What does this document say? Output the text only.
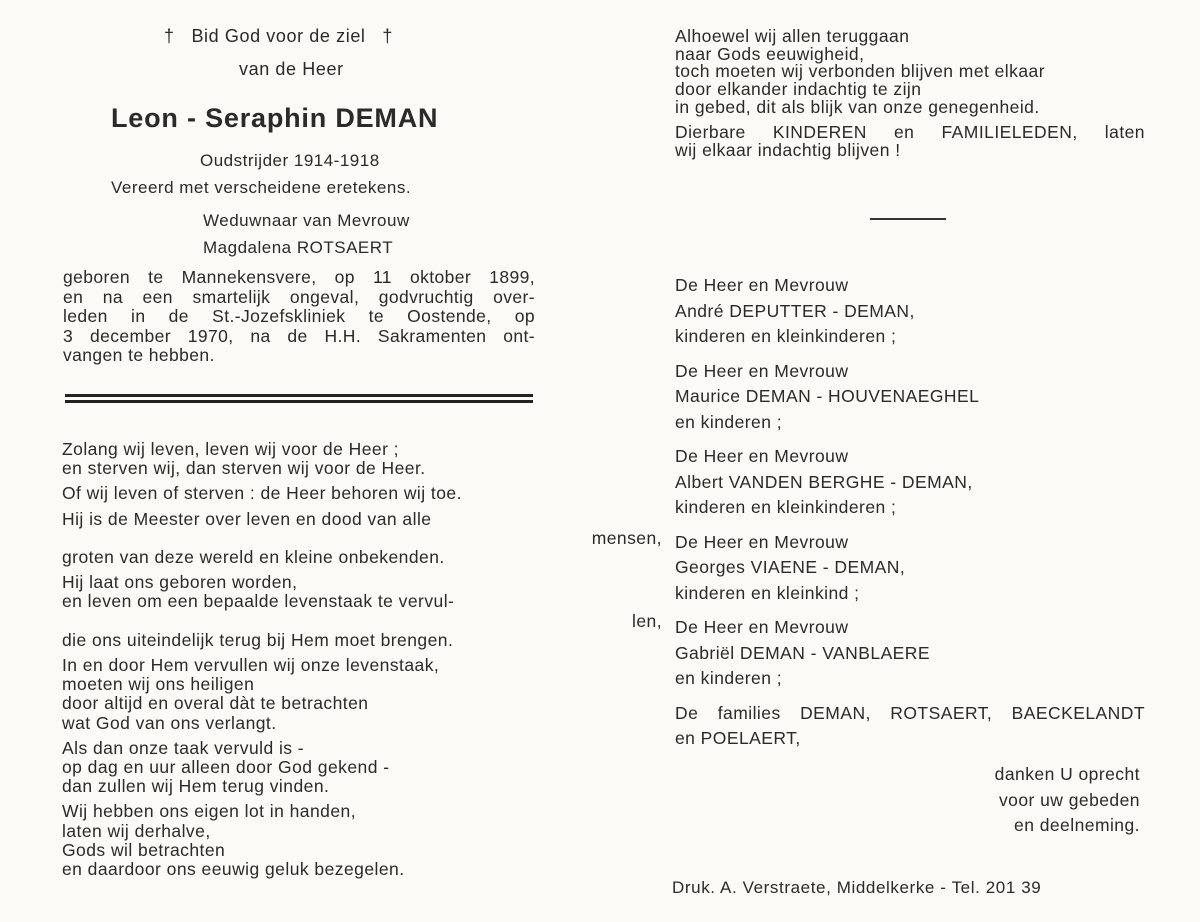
† Bid God voor de ziel †
van de Heer
Leon - Seraphin DEMAN
Oudstrijder 1914-1918
Vereerd met verscheidene eretekens.
Weduwnaar van Mevrouw
Magdalena ROTSAERT
geboren te Mannekensvere, op 11 oktober 1899,
en na een smartelijk ongeval, godvruchtig over-
leden in de St.-Jozefskliniek te Oostende, op
3 december 1970, na de H.H. Sakramenten ont-
vangen te hebben.
Zolang wij leven, leven wij voor de Heer ;
en sterven wij, dan sterven wij voor de Heer.
Of wij leven of sterven : de Heer behoren wij toe.
Hij is de Meester over leven en dood van alle
mensen,
groten van deze wereld en kleine onbekenden.
Hij laat ons geboren worden,
en leven om een bepaalde levenstaak te vervul-
len,
die ons uiteindelijk terug bij Hem moet brengen.
In en door Hem vervullen wij onze levenstaak,
moeten wij ons heiligen
door altijd en overal dàt te betrachten
wat God van ons verlangt.
Als dan onze taak vervuld is -
op dag en uur alleen door God gekend -
dan zullen wij Hem terug vinden.
Wij hebben ons eigen lot in handen,
laten wij derhalve,
Gods wil betrachten
en daardoor ons eeuwig geluk bezegelen.
Alhoewel wij allen teruggaan
naar Gods eeuwigheid,
toch moeten wij verbonden blijven met elkaar
door elkander indachtig te zijn
in gebed, dit als blijk van onze genegenheid.
Dierbare KINDEREN en FAMILIELEDEN, laten
wij elkaar indachtig blijven !
De Heer en Mevrouw
André DEPUTTER - DEMAN,
kinderen en kleinkinderen ;
De Heer en Mevrouw
Maurice DEMAN - HOUVENAEGHEL
en kinderen ;
De Heer en Mevrouw
Albert VANDEN BERGHE - DEMAN,
kinderen en kleinkinderen ;
De Heer en Mevrouw
Georges VIAENE - DEMAN,
kinderen en kleinkind ;
De Heer en Mevrouw
Gabriël DEMAN - VANBLAERE
en kinderen ;
De families DEMAN, ROTSAERT, BAECKELANDT
en POELAERT,
danken U oprecht
voor uw gebeden
en deelneming.
Druk. A. Verstraete, Middelkerke - Tel. 201 39
